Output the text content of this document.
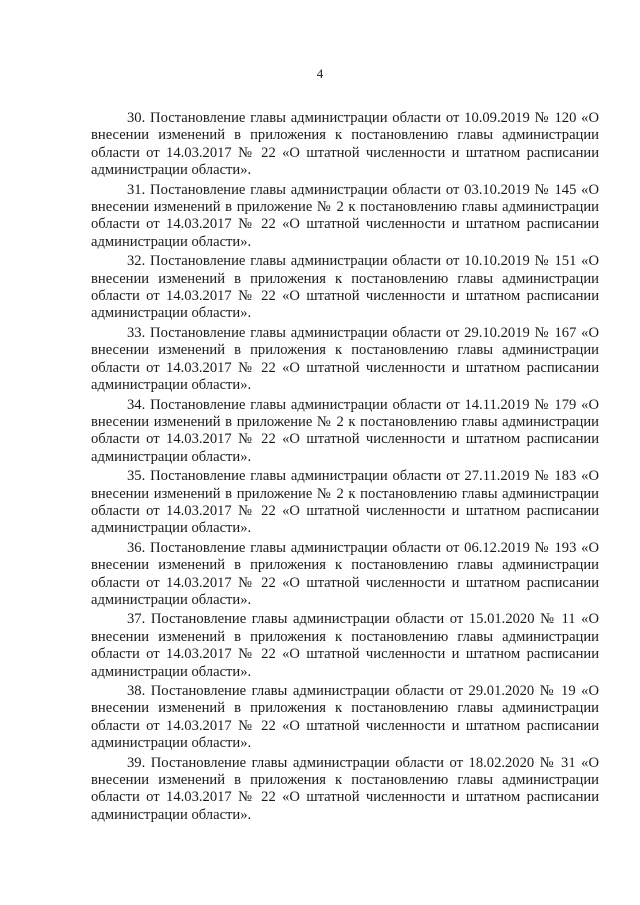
4

30. Постановление главы администрации области от 10.09.2019 № 120 «О внесении изменений в приложения к постановлению главы администрации области от 14.03.2017 № 22 «О штатной численности и штатном расписании администрации области».

31. Постановление главы администрации области от 03.10.2019 № 145 «О внесении изменений в приложение № 2 к постановлению главы администрации области от 14.03.2017 № 22 «О штатной численности и штатном расписании администрации области».

32. Постановление главы администрации области от 10.10.2019 № 151 «О внесении изменений в приложения к постановлению главы администрации области от 14.03.2017 № 22 «О штатной численности и штатном расписании администрации области».

33. Постановление главы администрации области от 29.10.2019 № 167 «О внесении изменений в приложения к постановлению главы администрации области от 14.03.2017 № 22 «О штатной численности и штатном расписании администрации области».

34. Постановление главы администрации области от 14.11.2019 № 179 «О внесении изменений в приложение № 2 к постановлению главы администрации области от 14.03.2017 № 22 «О штатной численности и штатном расписании администрации области».

35. Постановление главы администрации области от 27.11.2019 № 183 «О внесении изменений в приложение № 2 к постановлению главы администрации области от 14.03.2017 № 22 «О штатной численности и штатном расписании администрации области».

36. Постановление главы администрации области от 06.12.2019 № 193 «О внесении изменений в приложения к постановлению главы администрации области от 14.03.2017 № 22 «О штатной численности и штатном расписании администрации области».

37. Постановление главы администрации области от 15.01.2020 № 11 «О внесении изменений в приложения к постановлению главы администрации области от 14.03.2017 № 22 «О штатной численности и штатном расписании администрации области».

38. Постановление главы администрации области от 29.01.2020 № 19 «О внесении изменений в приложения к постановлению главы администрации области от 14.03.2017 № 22 «О штатной численности и штатном расписании администрации области».

39. Постановление главы администрации области от 18.02.2020 № 31 «О внесении изменений в приложения к постановлению главы администрации области от 14.03.2017 № 22 «О штатной численности и штатном расписании администрации области».
